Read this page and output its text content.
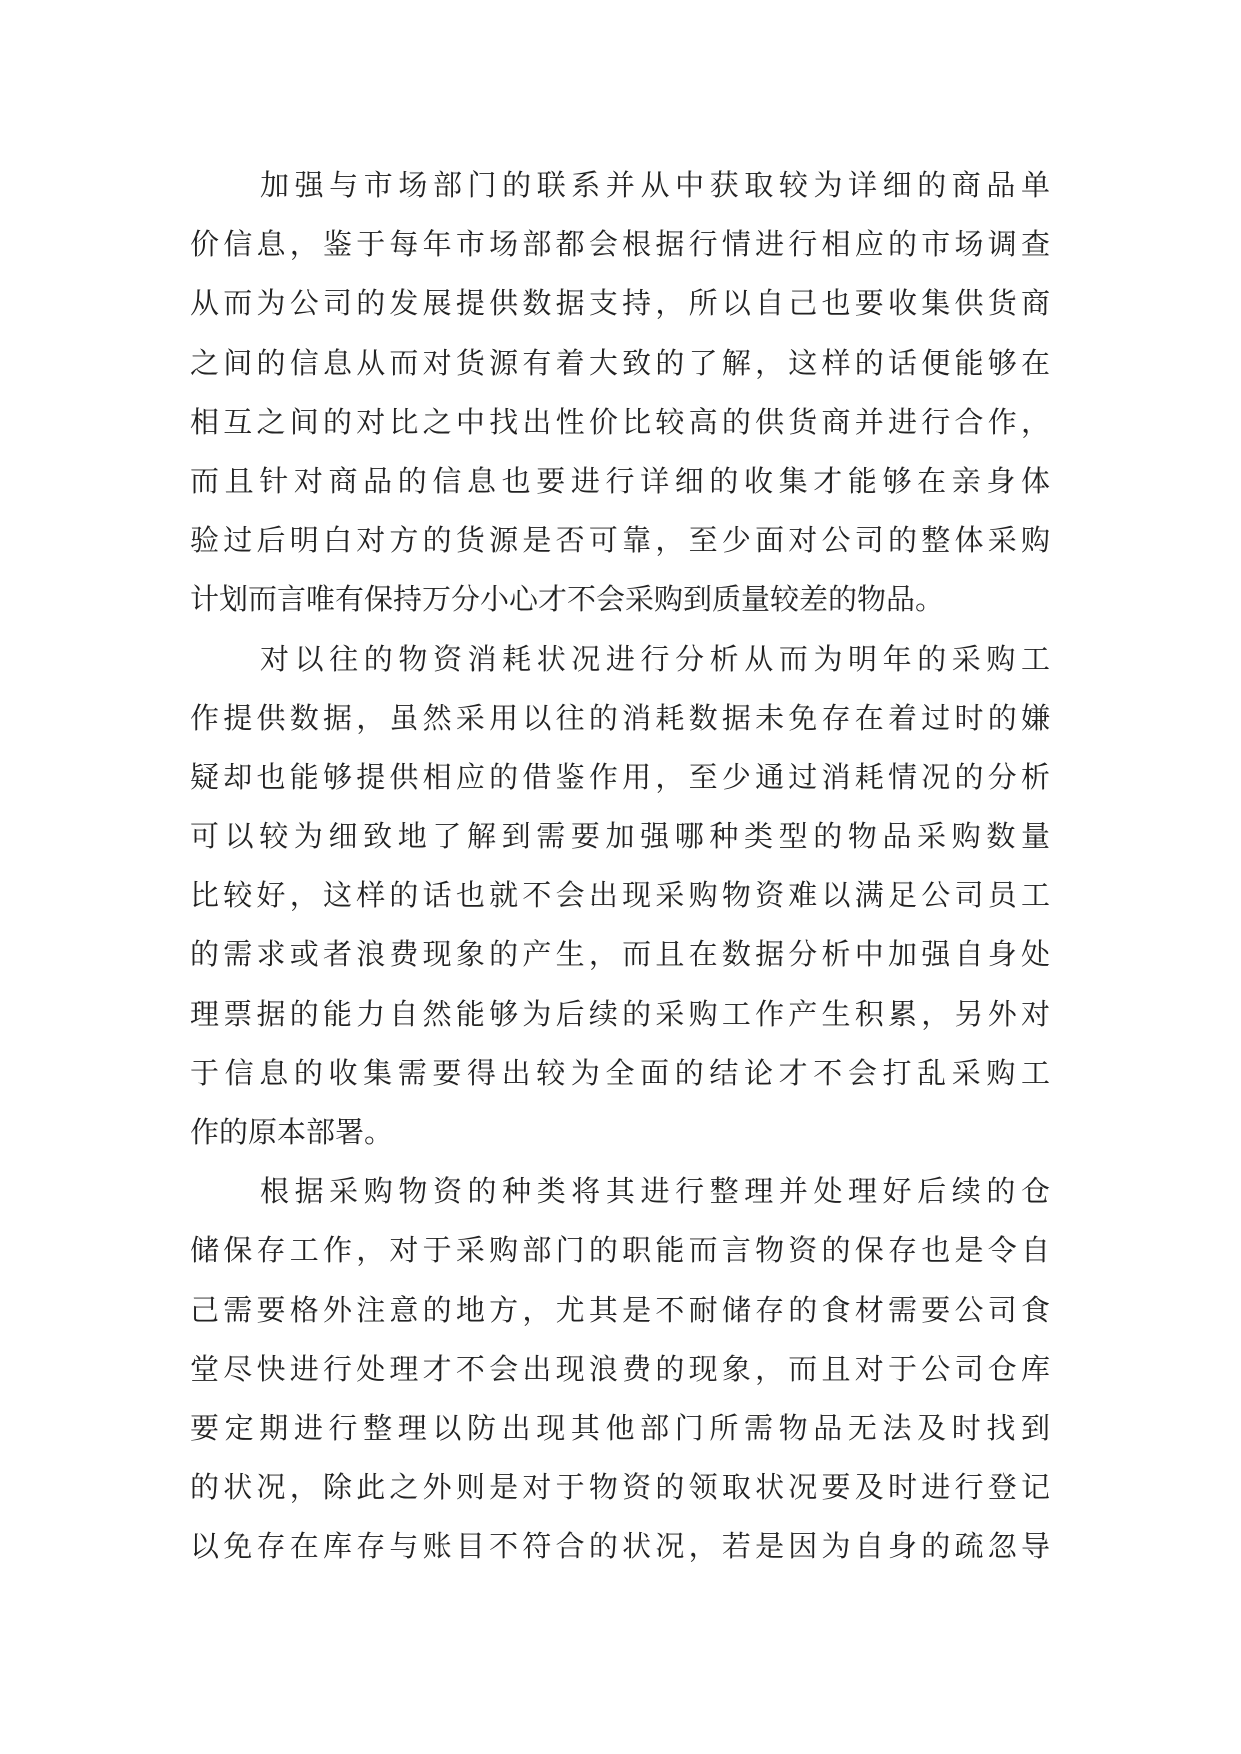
加强与市场部门的联系并从中获取较为详细的商品单
价信息，鉴于每年市场部都会根据行情进行相应的市场调查
从而为公司的发展提供数据支持，所以自己也要收集供货商
之间的信息从而对货源有着大致的了解，这样的话便能够在
相互之间的对比之中找出性价比较高的供货商并进行合作，
而且针对商品的信息也要进行详细的收集才能够在亲身体
验过后明白对方的货源是否可靠，至少面对公司的整体采购
计划而言唯有保持万分小心才不会采购到质量较差的物品。
对以往的物资消耗状况进行分析从而为明年的采购工
作提供数据，虽然采用以往的消耗数据未免存在着过时的嫌
疑却也能够提供相应的借鉴作用，至少通过消耗情况的分析
可以较为细致地了解到需要加强哪种类型的物品采购数量
比较好，这样的话也就不会出现采购物资难以满足公司员工
的需求或者浪费现象的产生，而且在数据分析中加强自身处
理票据的能力自然能够为后续的采购工作产生积累，另外对
于信息的收集需要得出较为全面的结论才不会打乱采购工
作的原本部署。
根据采购物资的种类将其进行整理并处理好后续的仓
储保存工作，对于采购部门的职能而言物资的保存也是令自
己需要格外注意的地方，尤其是不耐储存的食材需要公司食
堂尽快进行处理才不会出现浪费的现象，而且对于公司仓库
要定期进行整理以防出现其他部门所需物品无法及时找到
的状况，除此之外则是对于物资的领取状况要及时进行登记
以免存在库存与账目不符合的状况，若是因为自身的疏忽导
